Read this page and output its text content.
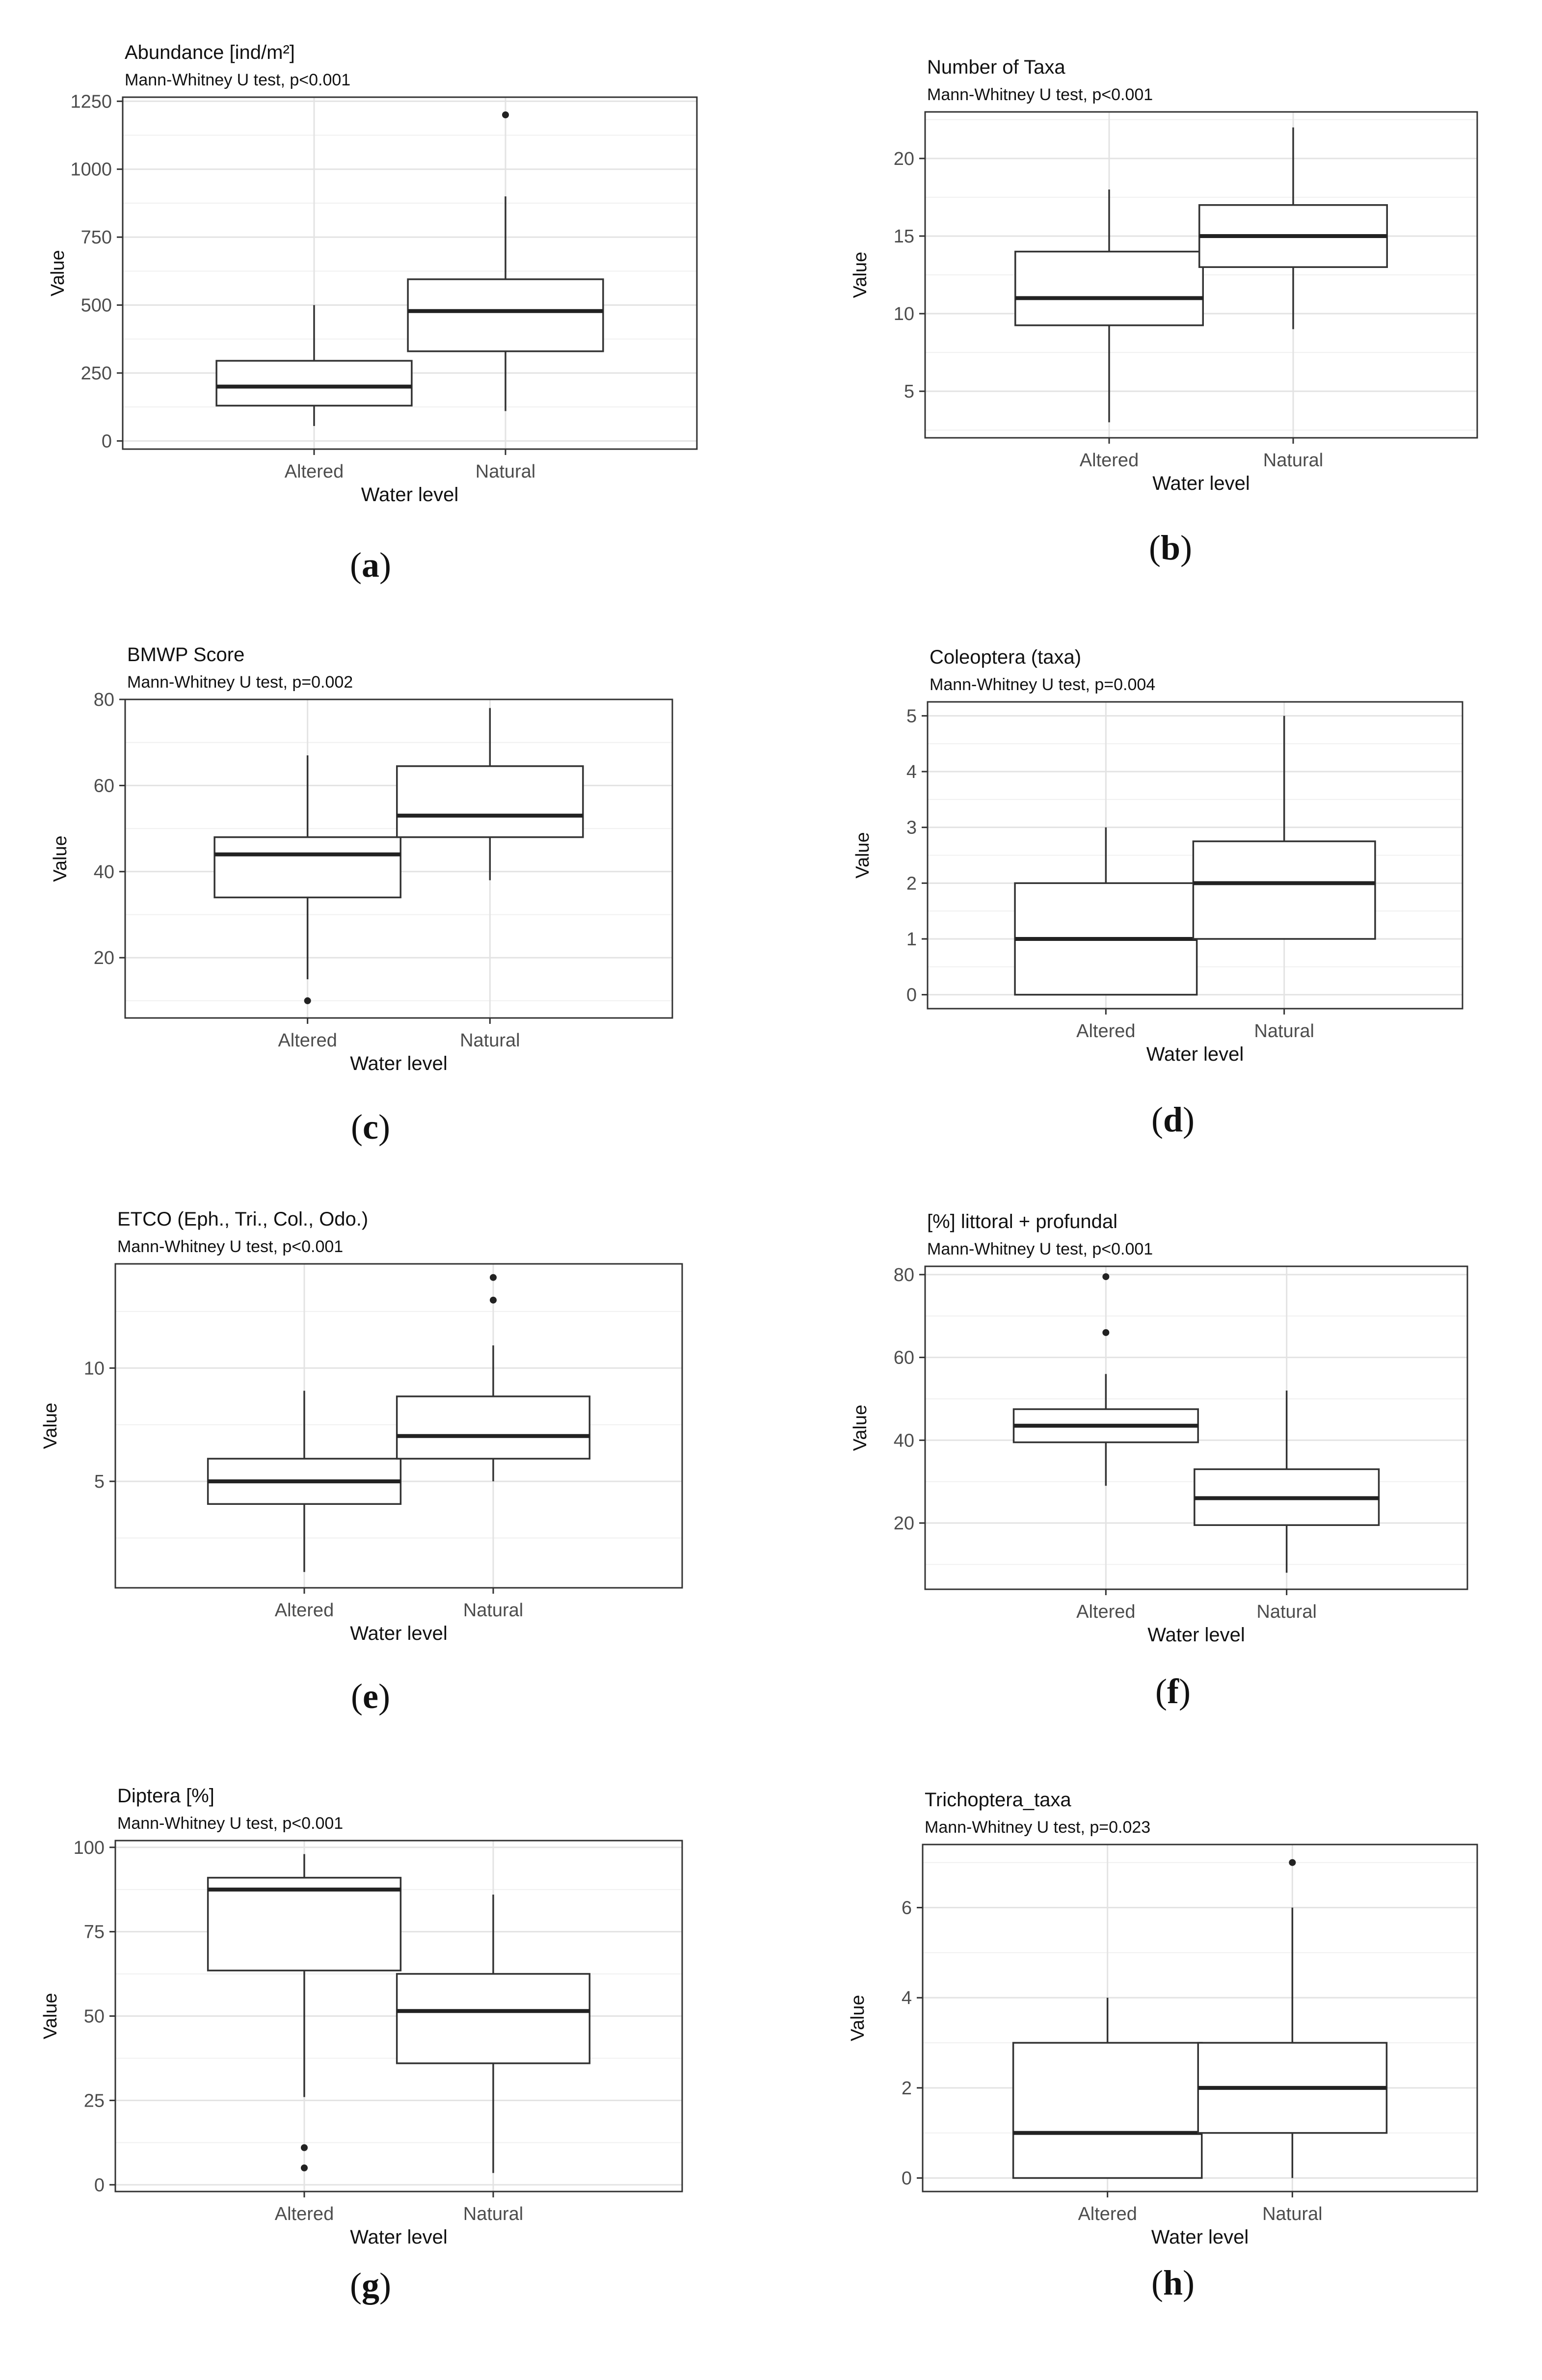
0
250
500
750
1000
1250
Altered	Natural
Water level
Value
Abundance [ind/m²]
Mann-Whitney U test, p<0.001
5
10
15
20
Altered	Natural
Water level
Value
Number of Taxa
Mann-Whitney U test, p<0.001
20
40
60
80
Altered	Natural
Water level
Value
BMWP Score
Mann-Whitney U test, p=0.002
0
1
2
3
4
5
Altered	Natural
Water level
Value
Coleoptera (taxa)
Mann-Whitney U test, p=0.004
5
10
Altered	Natural
Water level
Value
ETCO (Eph., Tri., Col., Odo.)
Mann-Whitney U test, p<0.001
20
40
60
80
Altered	Natural
Water level
Value
[%] littoral + profundal
Mann-Whitney U test, p<0.001
0
25
50
75
100
Altered	Natural
Water level
Value
Diptera [%]
Mann-Whitney U test, p<0.001
0
2
4
6
Altered	Natural
Water level
Value
Trichoptera_taxa
Mann-Whitney U test, p=0.023
(a)	(b)
(c)	(d)
(e)	(f)
(g)	(h)
